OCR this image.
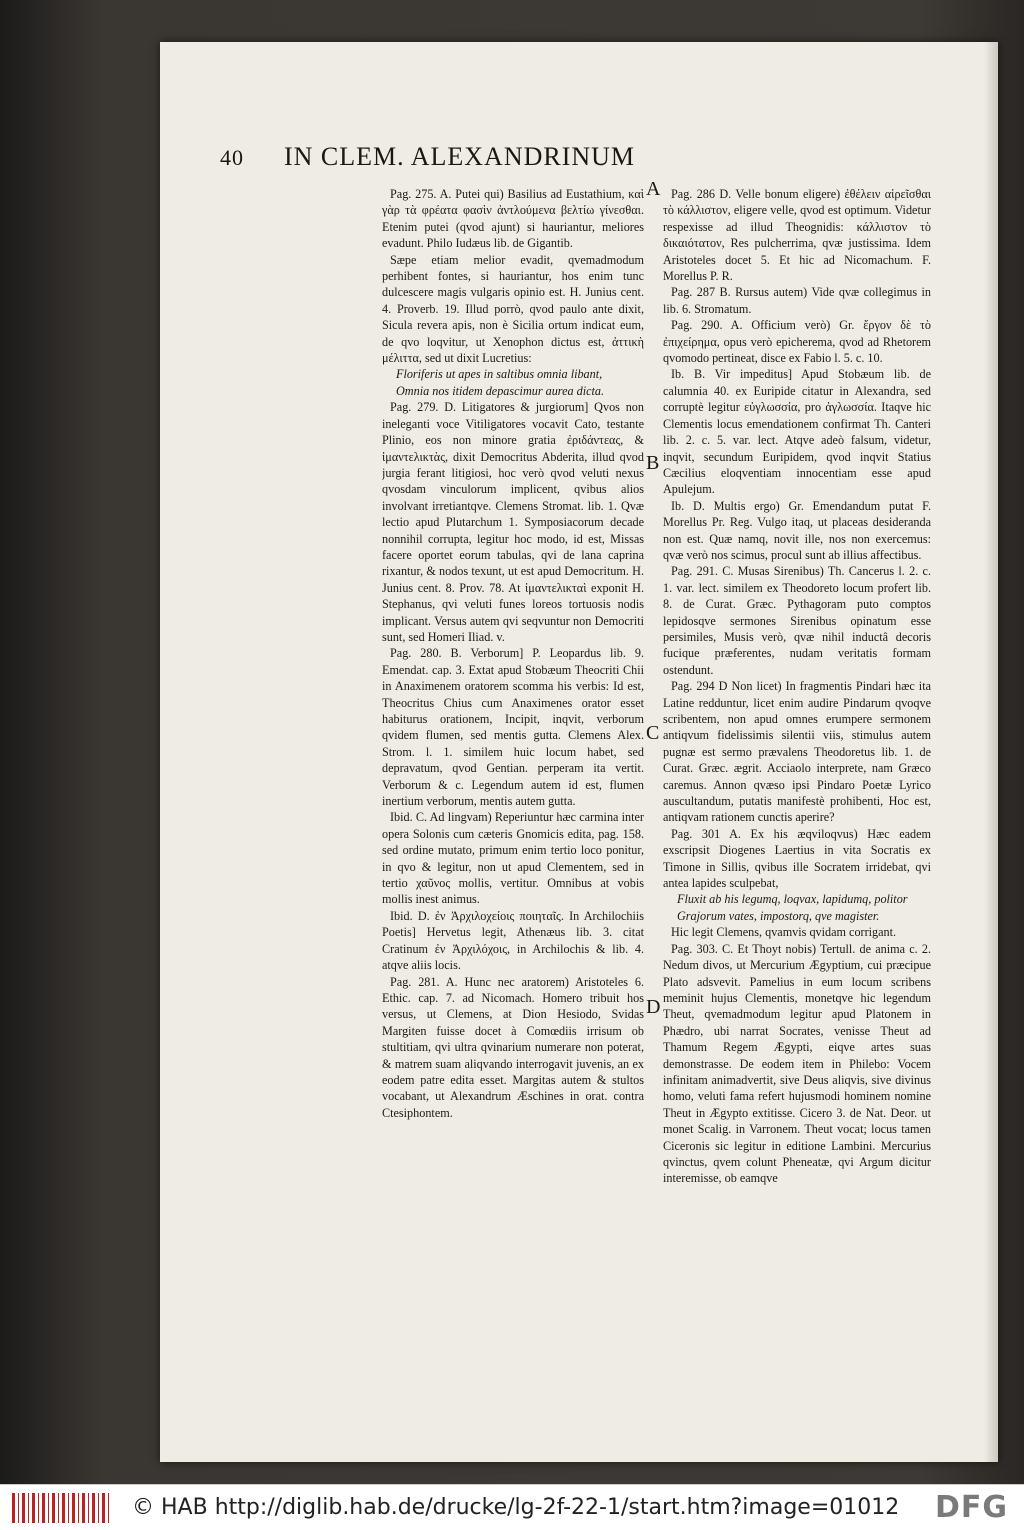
40 IN CLEM. ALEXANDRINUM

Pag. 275. A. Putei qui) Basilius ad Eustathium, καὶ γὰρ τὰ φρέατα φασὶν ἀντλούμενα βελτίω γίνεσθαι. Etenim putei (qvod ajunt) si hauriantur, meliores evadunt. Philo Iudæus lib. de Gigantib.

Sæpe etiam melior evadit, qvemadmodum perhibent fontes, si hauriantur, hos enim tunc dulcescere magis vulgaris opinio est. H. Junius cent. 4. Proverb. 19. Illud porrò, qvod paulo ante dixit, Sicula revera apis, non è Sicilia ortum indicat eum, de qvo loqvitur, ut Xenophon dictus est, ἀττικὴ μέλιττα, sed ut dixit Lucretius:

Floriferis ut apes in saltibus omnia libant,

Omnia nos itidem depascimur aurea dicta.

Pag. 279. D. Litigatores & jurgiorum] Qvos non ineleganti voce Vitiligatores vocavit Cato, testante Plinio, eos non minore gratia ἐριδάντεας, & ἱμαντελικτὰς, dixit Democritus Abderita, illud qvod jurgia ferant litigiosi, hoc verò qvod veluti nexus qvosdam vinculorum implicent, qvibus alios involvant irretiantqve. Clemens Stromat. lib. 1. Qvæ lectio apud Plutarchum 1. Symposiacorum decade nonnihil corrupta, legitur hoc modo, id est, Missas facere oportet eorum tabulas, qvi de lana caprina rixantur, & nodos texunt, ut est apud Democritum. H. Junius cent. 8. Prov. 78. At ἱμαντελικταὶ exponit H. Stephanus, qvi veluti funes loreos tortuosis nodis implicant. Versus autem qvi seqvuntur non Democriti sunt, sed Homeri Iliad. v.

Pag. 280. B. Verborum] P. Leopardus lib. 9. Emendat. cap. 3. Extat apud Stobæum Theocriti Chii in Anaximenem oratorem scomma his verbis: Id est, Theocritus Chius cum Anaximenes orator esset habiturus orationem, Incipit, inqvit, verborum qvidem flumen, sed mentis gutta. Clemens Alex. Strom. l. 1. similem huic locum habet, sed depravatum, qvod Gentian. perperam ita vertit. Verborum & c. Legendum autem id est, flumen inertium verborum, mentis autem gutta.

Ibid. C. Ad lingvam) Reperiuntur hæc carmina inter opera Solonis cum cæteris Gnomicis edita, pag. 158. sed ordine mutato, primum enim tertio loco ponitur, in qvo & legitur, non ut apud Clementem, sed in tertio χαῦνος mollis, vertitur. Omnibus at vobis mollis inest animus.

Ibid. D. ἐν Ἀρχιλοχείοις ποιηταῖς. In Archilochiis Poetis] Hervetus legit, Athenæus lib. 3. citat Cratinum ἐν Ἀρχιλόχοις, in Archilochis & lib. 4. atqve aliis locis.

Pag. 281. A. Hunc nec aratorem) Aristoteles 6. Ethic. cap. 7. ad Nicomach. Homero tribuit hos versus, ut Clemens, at Dion Hesiodo, Svidas Margiten fuisse docet à Comœdiis irrisum ob stultitiam, qvi ultra qvinarium numerare non poterat, & matrem suam aliqvando interrogavit juvenis, an ex eodem patre edita esset. Margitas autem & stultos vocabant, ut Alexandrum Æschines in orat. contra Ctesiphontem.

A
B
C
D

Pag. 286 D. Velle bonum eligere) ἐθέλειν αἱρεῖσθαι τὸ κάλλιστον, eligere velle, qvod est optimum. Videtur respexisse ad illud Theognidis: κάλλιστον τὸ δικαιότατον, Res pulcherrima, qvæ justissima. Idem Aristoteles docet 5. Et hic ad Nicomachum. F. Morellus P. R.

Pag. 287 B. Rursus autem) Vide qvæ collegimus in lib. 6. Stromatum.

Pag. 290. A. Officium verò) Gr. ἔργον δὲ τὸ ἐπιχείρημα, opus verò epicherema, qvod ad Rhetorem qvomodo pertineat, disce ex Fabio l. 5. c. 10.

Ib. B. Vir impeditus] Apud Stobæum lib. de calumnia 40. ex Euripide citatur in Alexandra, sed corruptè legitur εὐγλωσσία, pro ἀγλωσσία. Itaqve hic Clementis locus emendationem confirmat Th. Canteri lib. 2. c. 5. var. lect. Atqve adeò falsum, videtur, inqvit, secundum Euripidem, qvod inqvit Statius Cæcilius eloqventiam innocentiam esse apud Apulejum.

Ib. D. Multis ergo) Gr. Emendandum putat F. Morellus Pr. Reg. Vulgo itaq, ut placeas desideranda non est. Quæ namq, novit ille, nos non exercemus: qvæ verò nos scimus, procul sunt ab illius affectibus.

Pag. 291. C. Musas Sirenibus) Th. Cancerus l. 2. c. 1. var. lect. similem ex Theodoreto locum profert lib. 8. de Curat. Græc. Pythagoram puto comptos lepidosqve sermones Sirenibus opinatum esse persimiles, Musis verò, qvæ nihil inductâ decoris fucique præferentes, nudam veritatis formam ostendunt.

Pag. 294 D Non licet) In fragmentis Pindari hæc ita Latine redduntur, licet enim audire Pindarum qvoqve scribentem, non apud omnes erumpere sermonem antiqvum fidelissimis silentii viis, stimulus autem pugnæ est sermo prævalens Theodoretus lib. 1. de Curat. Græc. ægrit. Acciaolo interprete, nam Græco caremus. Annon qvæso ipsi Pindaro Poetæ Lyrico auscultandum, putatis manifestè prohibenti, Hoc est, antiqvam rationem cunctis aperire?

Pag. 301 A. Ex his æqviloqvus) Hæc eadem exscripsit Diogenes Laertius in vita Socratis ex Timone in Sillis, qvibus ille Socratem irridebat, qvi antea lapides sculpebat,

Fluxit ab his legumq, loqvax, lapidumq, politor

Grajorum vates, impostorq, qve magister.

Hic legit Clemens, qvamvis qvidam corrigant.

Pag. 303. C. Et Thoyt nobis) Tertull. de anima c. 2. Nedum divos, ut Mercurium Ægyptium, cui præcipue Plato adsvevit. Pamelius in eum locum scribens meminit hujus Clementis, monetqve hic legendum Theut, qvemadmodum legitur apud Platonem in Phædro, ubi narrat Socrates, venisse Theut ad Thamum Regem Ægypti, eiqve artes suas demonstrasse. De eodem item in Philebo: Vocem infinitam animadvertit, sive Deus aliqvis, sive divinus homo, veluti fama refert hujusmodi hominem nomine Theut in Ægypto extitisse. Cicero 3. de Nat. Deor. ut monet Scalig. in Varronem. Theut vocat; locus tamen Ciceronis sic legitur in editione Lambini. Mercurius qvinctus, qvem colunt Pheneatæ, qvi Argum dicitur interemisse, ob eamqve

© HAB http://diglib.hab.de/drucke/lg-2f-22-1/start.htm?image=01012 DFG
